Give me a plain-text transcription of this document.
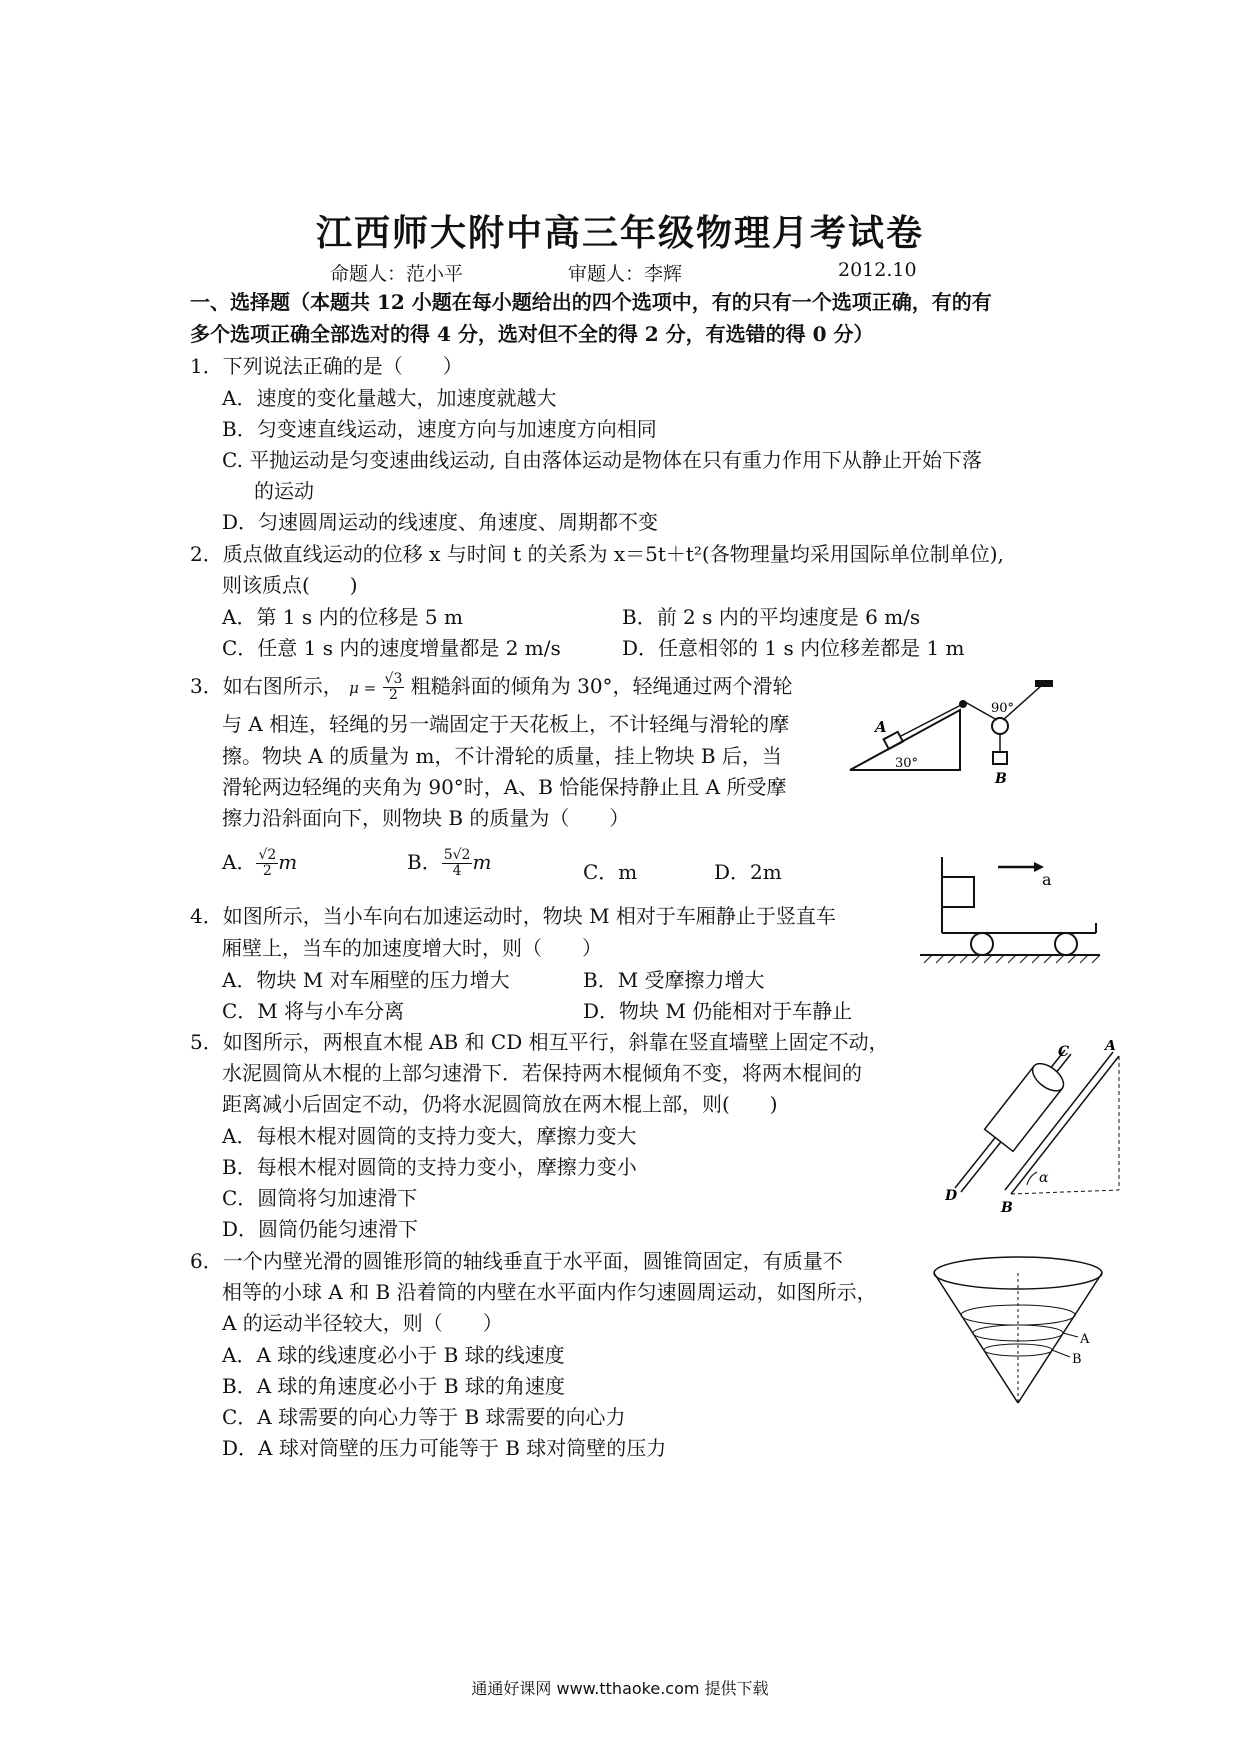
江西师大附中高三年级物理月考试卷
命题人：范小平	审题人：李辉	2012.10
一、选择题（本题共 12 小题在每小题给出的四个选项中，有的只有一个选项正确，有的有
多个选项正确全部选对的得 4 分，选对但不全的得 2 分，有选错的得 0 分）
1．下列说法正确的是（　　）
A．速度的变化量越大，加速度就越大
B．匀变速直线运动，速度方向与加速度方向相同
C. 平抛运动是匀变速曲线运动, 自由落体运动是物体在只有重力作用下从静止开始下落
的运动
D．匀速圆周运动的线速度、角速度、周期都不变
2．质点做直线运动的位移 x 与时间 t 的关系为 x＝5t＋t²(各物理量均采用国际单位制单位),
则该质点(　　)
A．第 1 s 内的位移是 5 m	B．前 2 s 内的平均速度是 6 m/s
C．任意 1 s 内的速度增量都是 2 m/s	D．任意相邻的 1 s 内位移差都是 1 m
3．如右图所示， $\mu = \frac{√3}{2}$ 粗糙斜面的倾角为 30°，轻绳通过两个滑轮
与 A 相连，轻绳的另一端固定于天花板上，不计轻绳与滑轮的摩
擦。物块 A 的质量为 m，不计滑轮的质量，挂上物块 B 后，当
滑轮两边轻绳的夹角为 90°时，A、B 恰能保持静止且 A 所受摩
擦力沿斜面向下，则物块 B 的质量为（　　）
A． $\frac{√2}{2}$ m	B． $\frac{5√2}{4}$ m	C．m	D．2m
A
30°
90°
B
4．如图所示，当小车向右加速运动时，物块 M 相对于车厢静止于竖直车
厢壁上，当车的加速度增大时，则（　　）
A．物块 M 对车厢壁的压力增大	B．M 受摩擦力增大
C．M 将与小车分离	D．物块 M 仍能相对于车静止
a
5．如图所示，两根直木棍 AB 和 CD 相互平行，斜靠在竖直墙壁上固定不动，
水泥圆筒从木棍的上部匀速滑下．若保持两木棍倾角不变，将两木棍间的
距离减小后固定不动，仍将水泥圆筒放在两木棍上部，则(　　)
A．每根木棍对圆筒的支持力变大，摩擦力变大
B．每根木棍对圆筒的支持力变小，摩擦力变小
C．圆筒将匀加速滑下
D．圆筒仍能匀速滑下
α
C	A
D
B
6．一个内壁光滑的圆锥形筒的轴线垂直于水平面，圆锥筒固定，有质量不
相等的小球 A 和 B 沿着筒的内壁在水平面内作匀速圆周运动，如图所示，
A 的运动半径较大，则（　　）
A．A 球的线速度必小于 B 球的线速度
B．A 球的角速度必小于 B 球的角速度
C．A 球需要的向心力等于 B 球需要的向心力
D．A 球对筒壁的压力可能等于 B 球对筒壁的压力
A
B
通通好课网 www.tthaoke.com 提供下载
